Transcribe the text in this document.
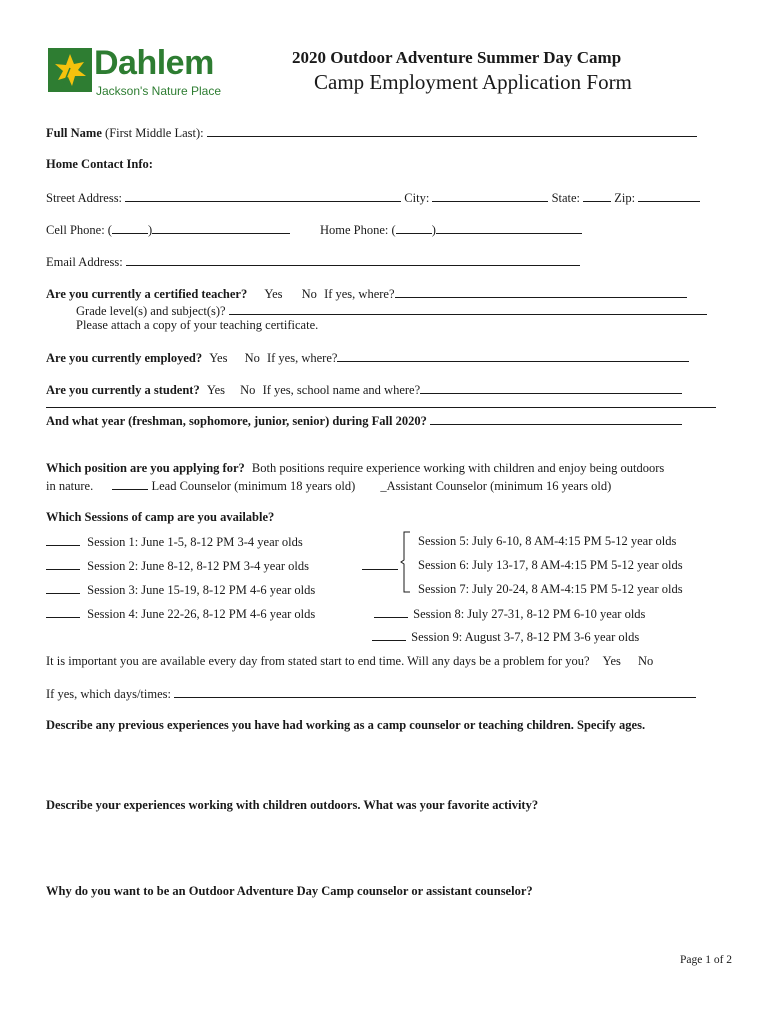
Dahlem
Jackson's Nature Place
2020 Outdoor Adventure Summer Day Camp
Camp Employment Application Form
Full Name (First Middle Last):
Home Contact Info:
Street Address:	City:	State:	Zip:
Cell Phone: (	)	Home Phone: (	)
Email Address:
Are you currently a certified teacher? Yes No If yes, where?
Grade level(s) and subject(s)?
Please attach a copy of your teaching certificate.
Are you currently employed? Yes No If yes, where?
Are you currently a student? Yes No If yes, school name and where?
And what year (freshman, sophomore, junior, senior) during Fall 2020?
Which position are you applying for? Both positions require experience working with children and enjoy being outdoors
in nature.	Lead Counselor (minimum 18 years old) _Assistant Counselor (minimum 16 years old)
Which Sessions of camp are you available?
Session 1: June 1-5, 8-12 PM 3-4 year olds
Session 2: June 8-12, 8-12 PM 3-4 year olds
Session 3: June 15-19, 8-12 PM 4-6 year olds
Session 4: June 22-26, 8-12 PM 4-6 year olds
Session 5: July 6-10, 8 AM-4:15 PM 5-12 year olds
Session 6: July 13-17, 8 AM-4:15 PM 5-12 year olds
Session 7: July 20-24, 8 AM-4:15 PM 5-12 year olds
Session 8: July 27-31, 8-12 PM 6-10 year olds
Session 9: August 3-7, 8-12 PM 3-6 year olds
It is important you are available every day from stated start to end time. Will any days be a problem for you? Yes No
If yes, which days/times:
Describe any previous experiences you have had working as a camp counselor or teaching children. Specify ages.
Describe your experiences working with children outdoors. What was your favorite activity?
Why do you want to be an Outdoor Adventure Day Camp counselor or assistant counselor?
Page 1 of 2
